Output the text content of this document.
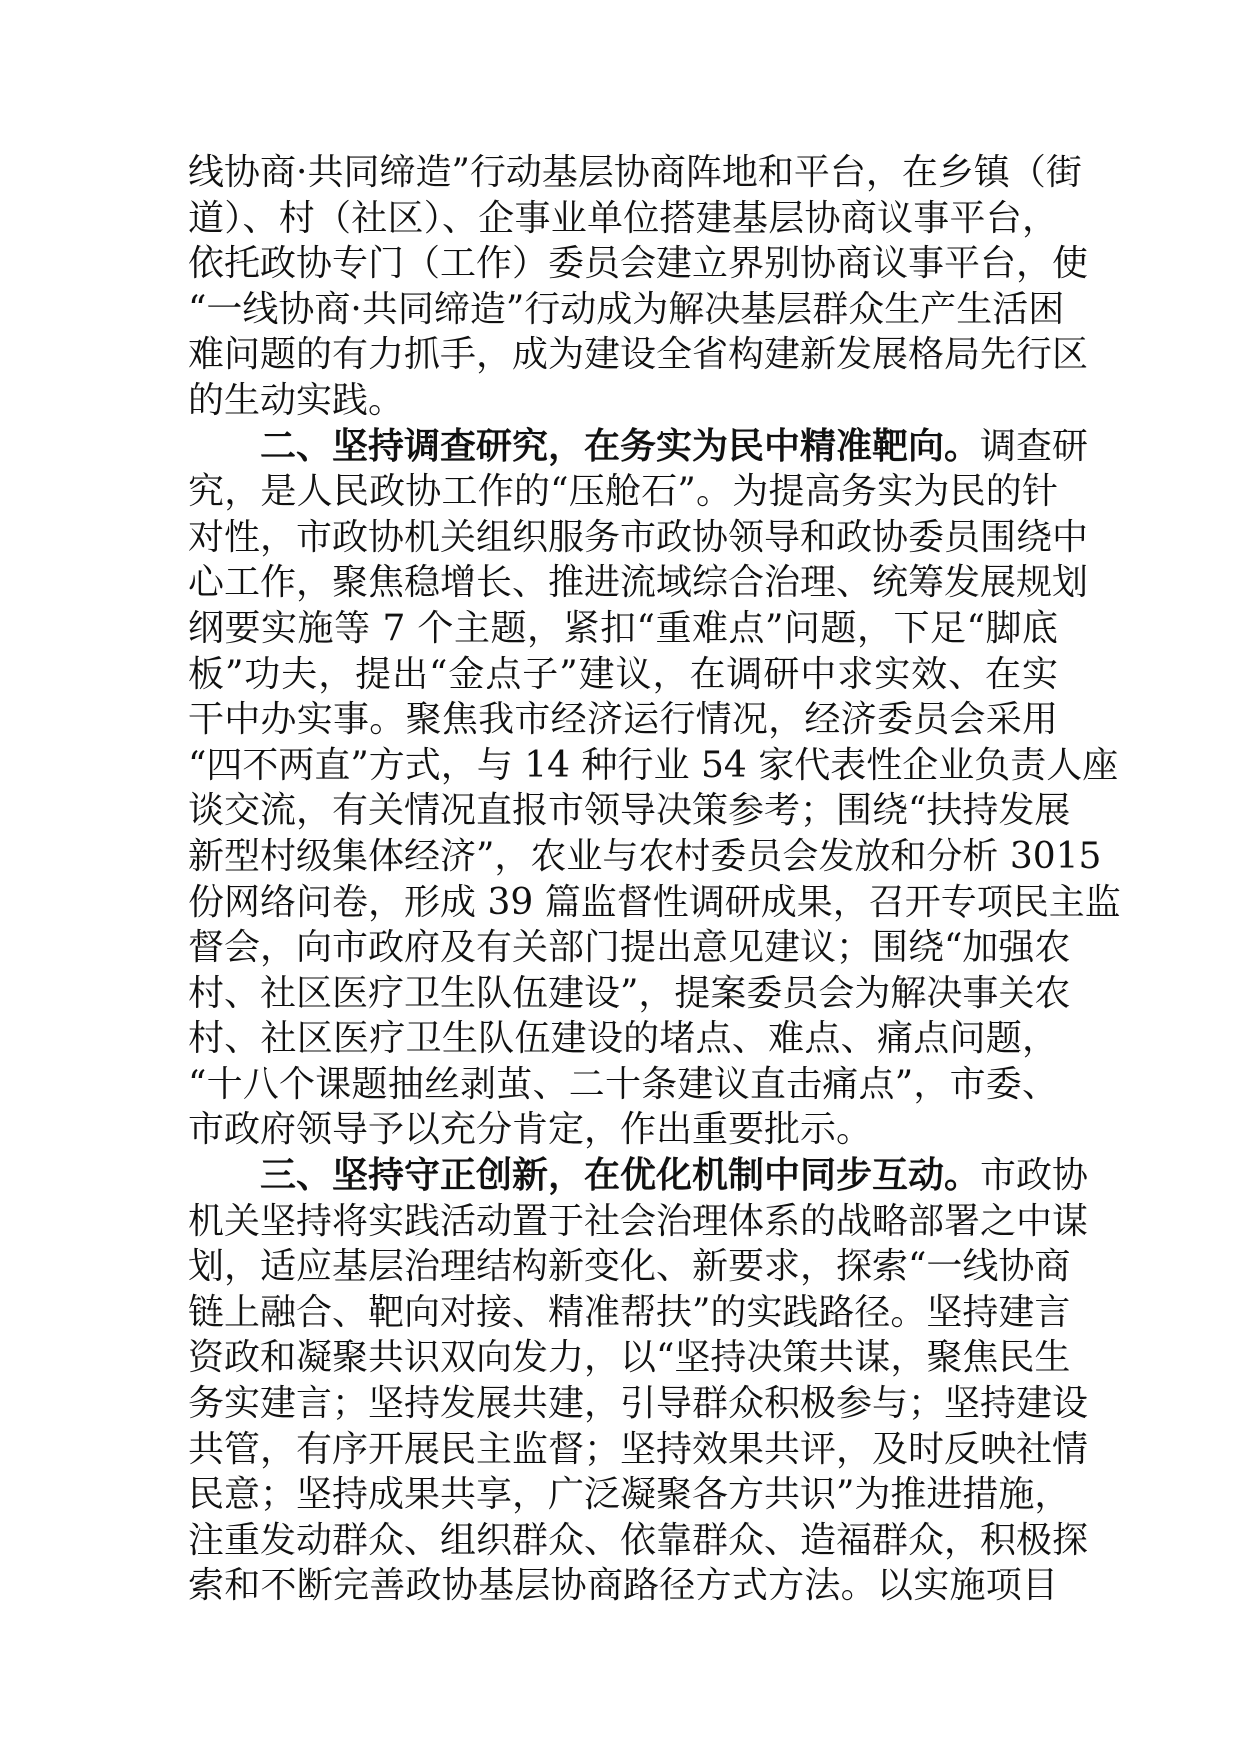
线协商·共同缔造”行动基层协商阵地和平台，在乡镇（街
道）、村（社区）、企事业单位搭建基层协商议事平台，
依托政协专门（工作）委员会建立界别协商议事平台，使
“一线协商·共同缔造”行动成为解决基层群众生产生活困
难问题的有力抓手，成为建设全省构建新发展格局先行区
的生动实践。
二、坚持调查研究，在务实为民中精准靶向。调查研
究，是人民政协工作的“压舱石”。为提高务实为民的针
对性，市政协机关组织服务市政协领导和政协委员围绕中
心工作，聚焦稳增长、推进流域综合治理、统筹发展规划
纲要实施等 7 个主题，紧扣“重难点”问题，下足“脚底
板”功夫，提出“金点子”建议，在调研中求实效、在实
干中办实事。聚焦我市经济运行情况，经济委员会采用
“四不两直”方式，与 14 种行业 54 家代表性企业负责人座
谈交流，有关情况直报市领导决策参考；围绕“扶持发展
新型村级集体经济”，农业与农村委员会发放和分析 3015
份网络问卷，形成 39 篇监督性调研成果，召开专项民主监
督会，向市政府及有关部门提出意见建议；围绕“加强农
村、社区医疗卫生队伍建设”，提案委员会为解决事关农
村、社区医疗卫生队伍建设的堵点、难点、痛点问题，
“十八个课题抽丝剥茧、二十条建议直击痛点”，市委、
市政府领导予以充分肯定，作出重要批示。
三、坚持守正创新，在优化机制中同步互动。市政协
机关坚持将实践活动置于社会治理体系的战略部署之中谋
划，适应基层治理结构新变化、新要求，探索“一线协商
链上融合、靶向对接、精准帮扶”的实践路径。坚持建言
资政和凝聚共识双向发力，以“坚持决策共谋，聚焦民生
务实建言；坚持发展共建，引导群众积极参与；坚持建设
共管，有序开展民主监督；坚持效果共评，及时反映社情
民意；坚持成果共享，广泛凝聚各方共识”为推进措施，
注重发动群众、组织群众、依靠群众、造福群众，积极探
索和不断完善政协基层协商路径方式方法。以实施项目
